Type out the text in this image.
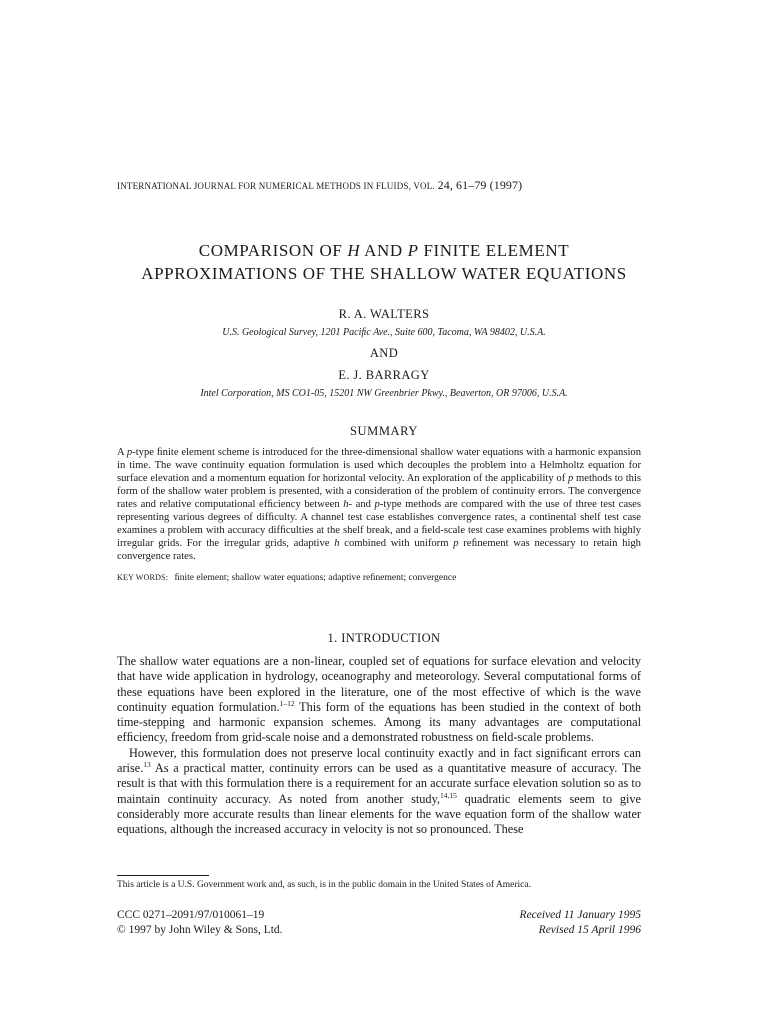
INTERNATIONAL JOURNAL FOR NUMERICAL METHODS IN FLUIDS, VOL. 24, 61–79 (1997)
COMPARISON OF H AND P FINITE ELEMENT
APPROXIMATIONS OF THE SHALLOW WATER EQUATIONS
R. A. WALTERS
U.S. Geological Survey, 1201 Paciﬁc Ave., Suite 600, Tacoma, WA 98402, U.S.A.
AND
E. J. BARRAGY
Intel Corporation, MS CO1-05, 15201 NW Greenbrier Pkwy., Beaverton, OR 97006, U.S.A.
SUMMARY

A p-type ﬁnite element scheme is introduced for the three-dimensional shallow water equations with a harmonic expansion in time. The wave continuity equation formulation is used which decouples the problem into a Helmholtz equation for surface elevation and a momentum equation for horizontal velocity. An exploration of the applicability of p methods to this form of the shallow water problem is presented, with a consideration of the problem of continuity errors. The convergence rates and relative computational efﬁciency between h- and p-type methods are compared with the use of three test cases representing various degrees of difﬁculty. A channel test case establishes convergence rates, a continental shelf test case examines a problem with accuracy difﬁculties at the shelf break, and a ﬁeld-scale test case examines problems with highly irregular grids. For the irregular grids, adaptive h combined with uniform p reﬁnement was necessary to retain high convergence rates.

KEY WORDS: ﬁnite element; shallow water equations; adaptive reﬁnement; convergence
1. INTRODUCTION

The shallow water equations are a non-linear, coupled set of equations for surface elevation and velocity that have wide application in hydrology, oceanography and meteorology. Several computational forms of these equations have been explored in the literature, one of the most effective of which is the wave continuity equation formulation.$^{1-12}$ This form of the equations has been studied in the context of both time-stepping and harmonic expansion schemes. Among its many advantages are computational efﬁciency, freedom from grid-scale noise and a demonstrated robustness on ﬁeld-scale problems.

However, this formulation does not preserve local continuity exactly and in fact signiﬁcant errors can arise.$^{13}$ As a practical matter, continuity errors can be used as a quantitative measure of accuracy. The result is that with this formulation there is a requirement for an accurate surface elevation solution so as to maintain continuity accuracy. As noted from another study,$^{14,15}$ quadratic elements seem to give considerably more accurate results than linear elements for the wave equation form of the shallow water equations, although the increased accuracy in velocity is not so pronounced. These

This article is a U.S. Government work and, as such, is in the public domain in the United States of America.
CCC 0271–2091/97/010061–19
© 1997 by John Wiley & Sons, Ltd.
Received 11 January 1995
Revised 15 April 1996
